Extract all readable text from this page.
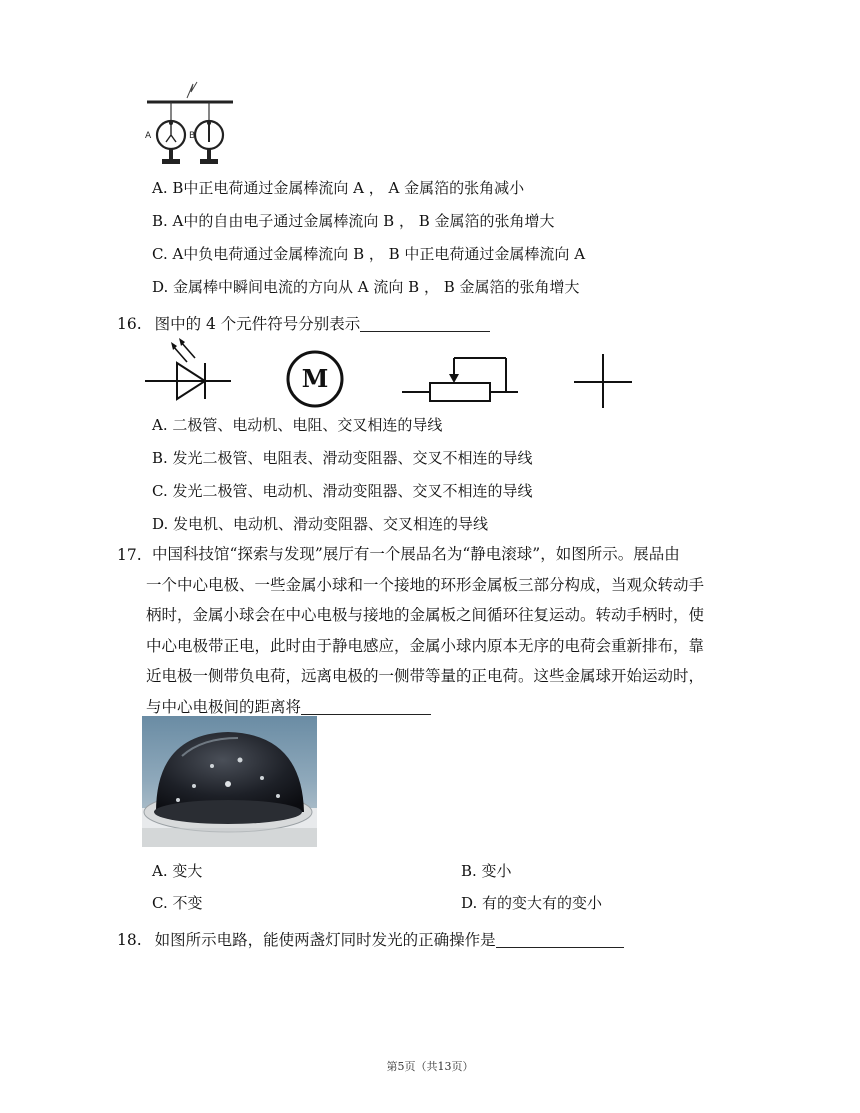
A	B
A. B中正电荷通过金属棒流向 A ， A 金属箔的张角减小
B. A中的自由电子通过金属棒流向 B ， B 金属箔的张角增大
C. A中负电荷通过金属棒流向 B ， B 中正电荷通过金属棒流向 A
D. 金属棒中瞬间电流的方向从 A 流向 B ， B 金属箔的张角增大
16. 图中的 4 个元件符号分别表示
M
A. 二极管、电动机、电阻、交叉相连的导线
B. 发光二极管、电阻表、滑动变阻器、交叉不相连的导线
C. 发光二极管、电动机、滑动变阻器、交叉不相连的导线
D. 发电机、电动机、滑动变阻器、交叉相连的导线
17. 中国科技馆“探索与发现”展厅有一个展品名为“静电滚球”，如图所示。展品由
一个中心电极、一些金属小球和一个接地的环形金属板三部分构成，当观众转动手
柄时，金属小球会在中心电极与接地的金属板之间循环往复运动。转动手柄时，使
中心电极带正电，此时由于静电感应，金属小球内原本无序的电荷会重新排布，靠
近电极一侧带负电荷，远离电极的一侧带等量的正电荷。这些金属球开始运动时，
与中心电极间的距离将
A. 变大	B. 变小
C. 不变	D. 有的变大有的变小
18. 如图所示电路，能使两盏灯同时发光的正确操作是
第5页（共13页）
